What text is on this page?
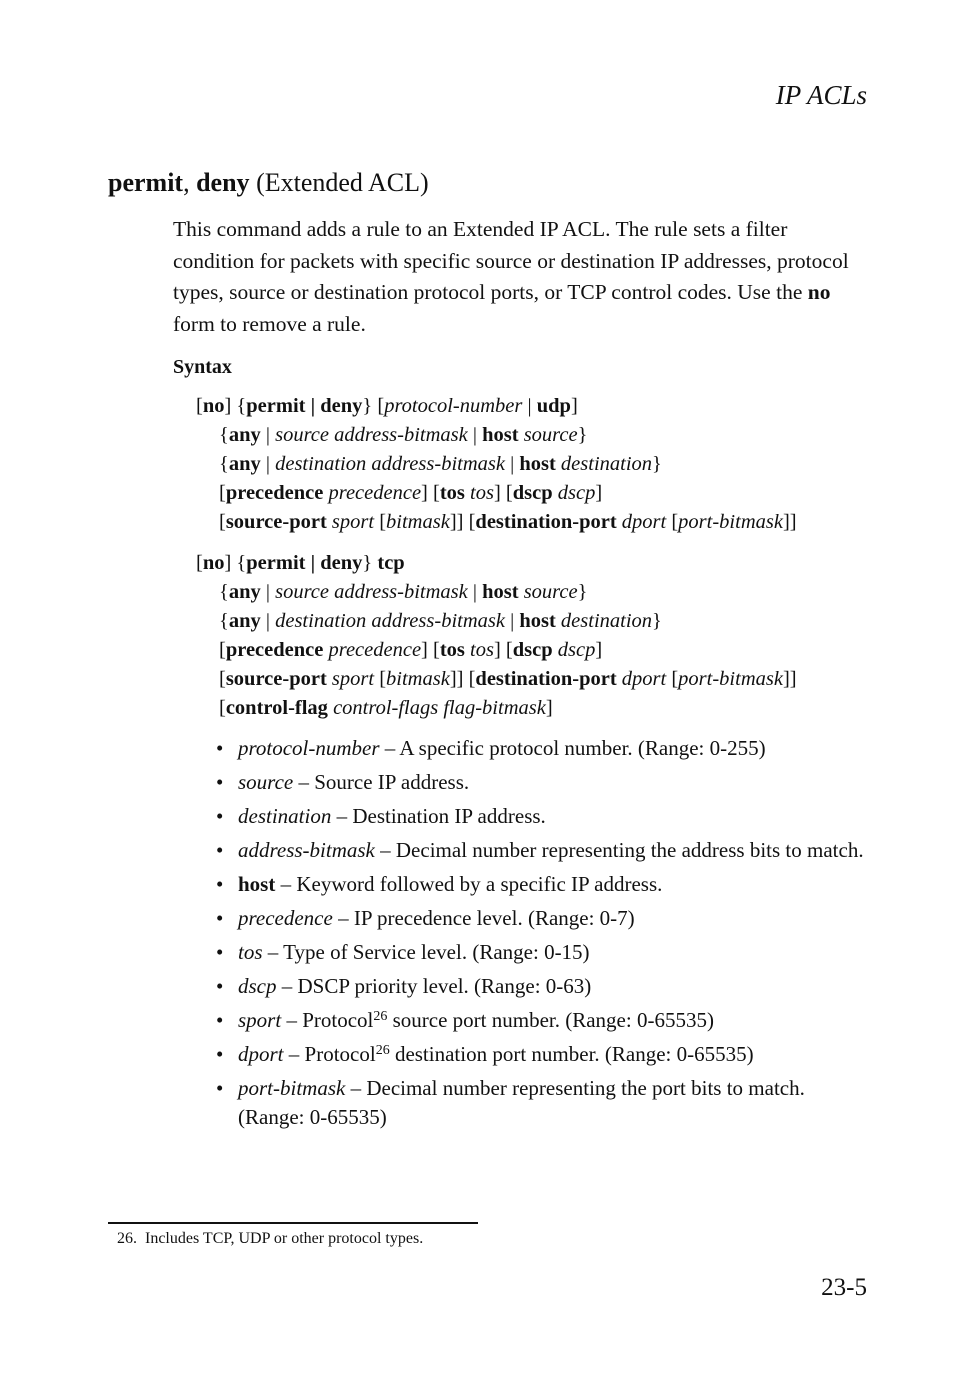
IP ACLs
permit, deny (Extended ACL)
This command adds a rule to an Extended IP ACL. The rule sets a filter condition for packets with specific source or destination IP addresses, protocol types, source or destination protocol ports, or TCP control codes. Use the no form to remove a rule.
Syntax
[no] {permit | deny} [protocol-number | udp]
{any | source address-bitmask | host source}
{any | destination address-bitmask | host destination}
[precedence precedence] [tos tos] [dscp dscp]
[source-port sport [bitmask]] [destination-port dport [port-bitmask]]
[no] {permit | deny} tcp
{any | source address-bitmask | host source}
{any | destination address-bitmask | host destination}
[precedence precedence] [tos tos] [dscp dscp]
[source-port sport [bitmask]] [destination-port dport [port-bitmask]]
[control-flag control-flags flag-bitmask]
• protocol-number – A specific protocol number. (Range: 0-255)
• source – Source IP address.
• destination – Destination IP address.
• address-bitmask – Decimal number representing the address bits to match.
• host – Keyword followed by a specific IP address.
• precedence – IP precedence level. (Range: 0-7)
• tos – Type of Service level. (Range: 0-15)
• dscp – DSCP priority level. (Range: 0-63)
• sport – Protocol$^{26}$ source port number. (Range: 0-65535)
• dport – Protocol$^{26}$ destination port number. (Range: 0-65535)
• port-bitmask – Decimal number representing the port bits to match. (Range: 0-65535)
26. Includes TCP, UDP or other protocol types.
23-5
